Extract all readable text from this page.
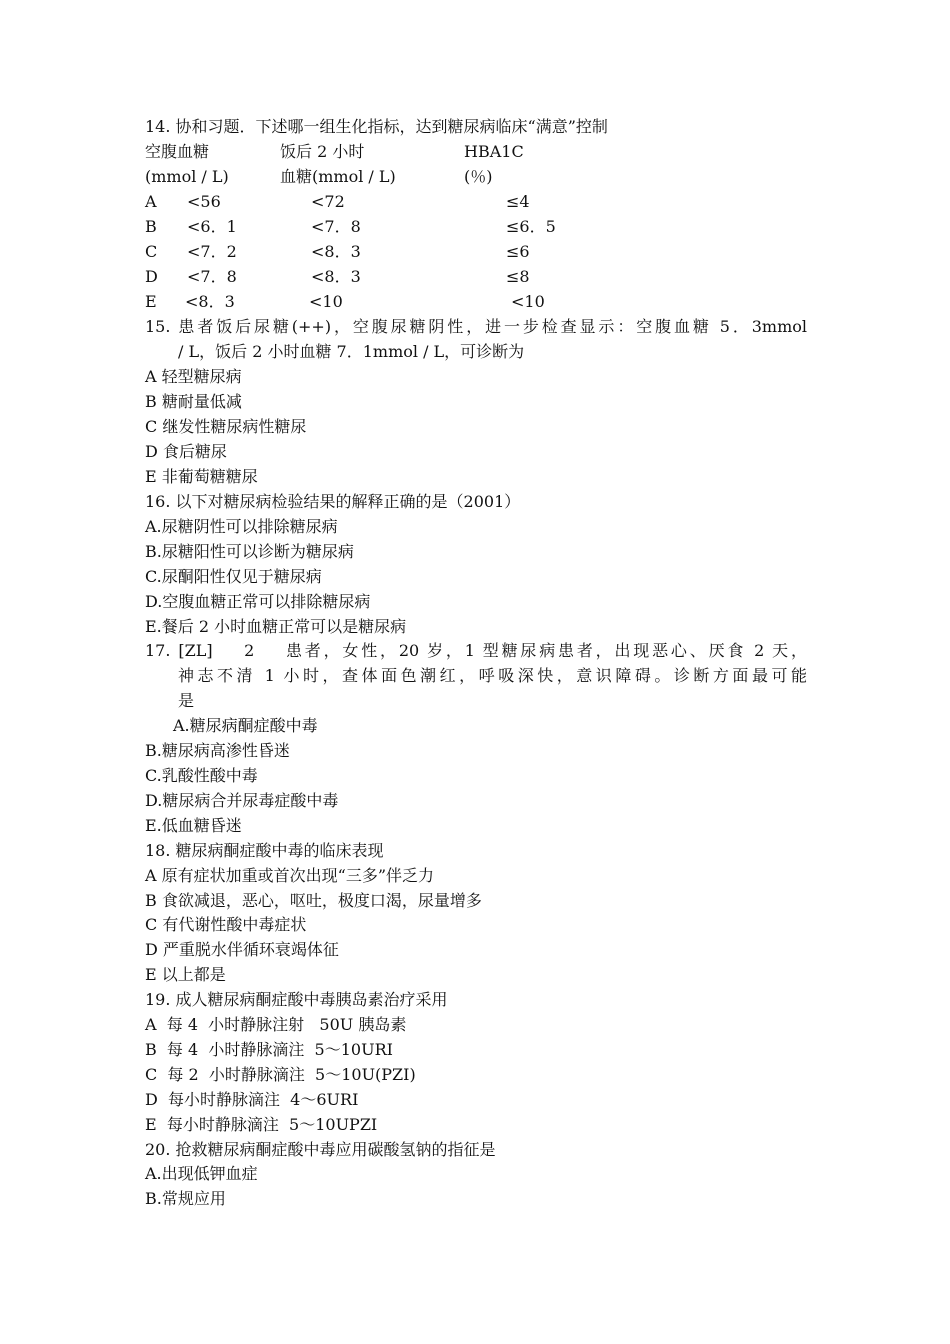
14. 协和习题．下述哪一组生化指标，达到糖尿病临床“满意”控制
空腹血糖	饭后 2 小时	HBA1C
(mmol / L)	血糖(mmol / L)	(％)
A <56	<72	≤4
B <6．1	<7．8	≤6．5
C <7．2	<8．3	≤6
D <7．8	<8．3	≤8
E <8．3	<10	<10
15. 患者饭后尿糖(++)，空腹尿糖阴性，进一步检查显示：空腹血糖 5．3mmol
/ L，饭后 2 小时血糖 7．1mmol / L，可诊断为
A 轻型糖尿病
B 糖耐量低减
C 继发性糖尿病性糖尿
D 食后糖尿
E 非葡萄糖糖尿
16. 以下对糖尿病检验结果的解释正确的是（2001）
A.尿糖阴性可以排除糖尿病
B.尿糖阳性可以诊断为糖尿病
C.尿酮阳性仅见于糖尿病
D.空腹血糖正常可以排除糖尿病
E.餐后 2 小时血糖正常可以是糖尿病
17. [ZL]    2    患者，女性，20 岁，1 型糖尿病患者，出现恶心、厌食 2 天，
神志不清 1 小时，查体面色潮红，呼吸深快，意识障碍。诊断方面最可能
是
A.糖尿病酮症酸中毒
B.糖尿病高渗性昏迷
C.乳酸性酸中毒
D.糖尿病合并尿毒症酸中毒
E.低血糖昏迷
18. 糖尿病酮症酸中毒的临床表现
A 原有症状加重或首次出现“三多”伴乏力
B 食欲减退，恶心，呕吐，极度口渴，尿量增多
C 有代谢性酸中毒症状
D 严重脱水伴循环衰竭体征
E 以上都是
19. 成人糖尿病酮症酸中毒胰岛素治疗采用
A  每 4  小时静脉注射   50U 胰岛素
B  每 4  小时静脉滴注  5～10URI
C  每 2  小时静脉滴注  5～10U(PZI)
D  每小时静脉滴注  4～6URI
E  每小时静脉滴注  5～10UPZI
20. 抢救糖尿病酮症酸中毒应用碳酸氢钠的指征是
A.出现低钾血症
B.常规应用
